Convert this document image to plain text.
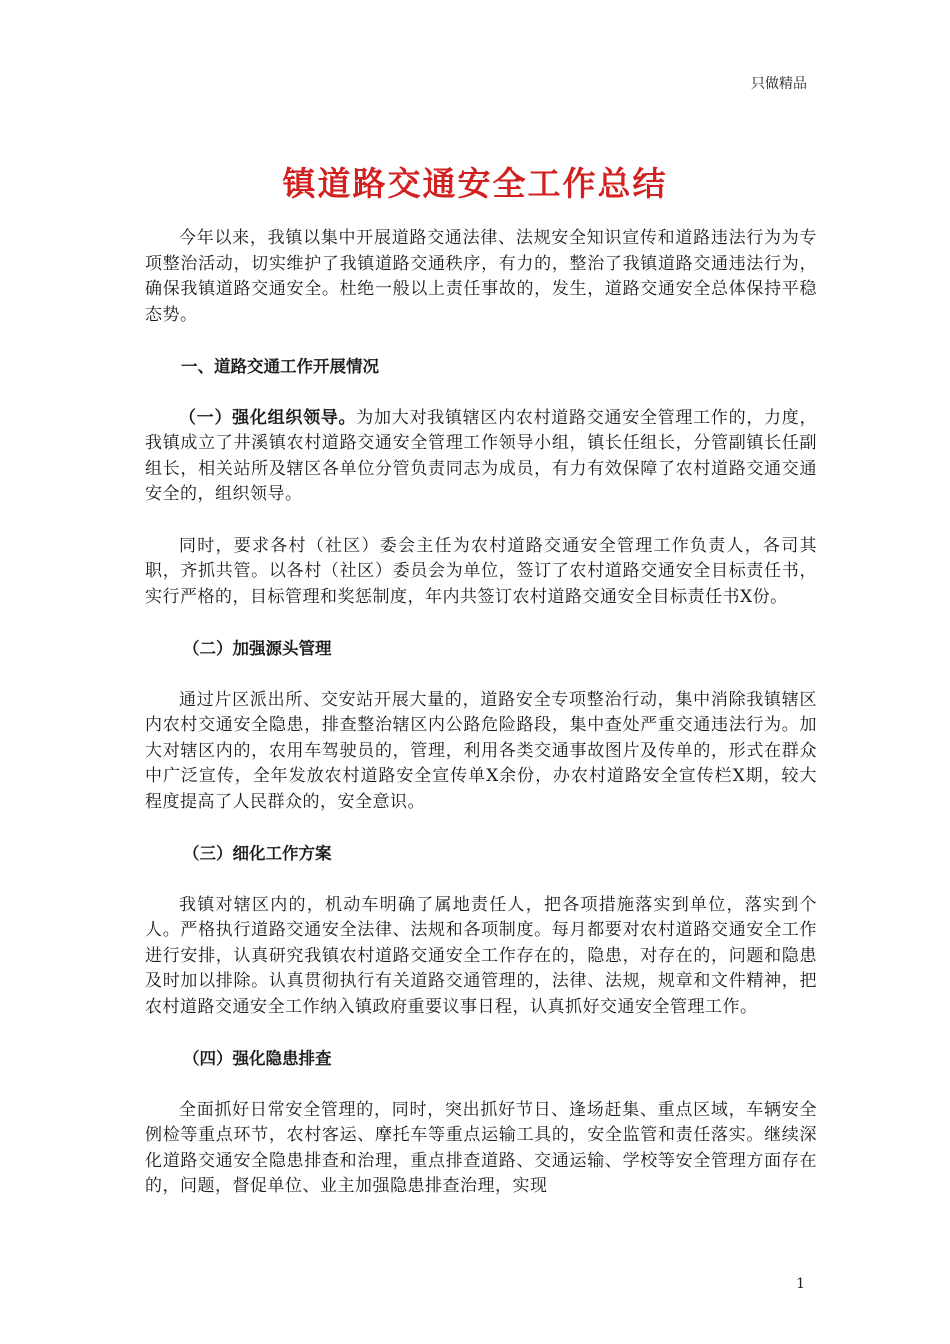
只做精品
镇道路交通安全工作总结

今年以来，我镇以集中开展道路交通法律、法规安全知识宣传和道路违法行为为专项整治活动，切实维护了我镇道路交通秩序，有力的，整治了我镇道路交通违法行为，确保我镇道路交通安全。杜绝一般以上责任事故的，发生，道路交通安全总体保持平稳态势。

一、道路交通工作开展情况

（一）强化组织领导。为加大对我镇辖区内农村道路交通安全管理工作的，力度，我镇成立了井溪镇农村道路交通安全管理工作领导小组，镇长任组长，分管副镇长任副组长，相关站所及辖区各单位分管负责同志为成员，有力有效保障了农村道路交通交通安全的，组织领导。

同时，要求各村（社区）委会主任为农村道路交通安全管理工作负责人，各司其职，齐抓共管。以各村（社区）委员会为单位，签订了农村道路交通安全目标责任书，实行严格的，目标管理和奖惩制度，年内共签订农村道路交通安全目标责任书X份。

（二）加强源头管理

通过片区派出所、交安站开展大量的，道路安全专项整治行动，集中消除我镇辖区内农村交通安全隐患，排查整治辖区内公路危险路段，集中查处严重交通违法行为。加大对辖区内的，农用车驾驶员的，管理，利用各类交通事故图片及传单的，形式在群众中广泛宣传，全年发放农村道路安全宣传单X余份，办农村道路安全宣传栏X期，较大程度提高了人民群众的，安全意识。

（三）细化工作方案

我镇对辖区内的，机动车明确了属地责任人，把各项措施落实到单位，落实到个人。严格执行道路交通安全法律、法规和各项制度。每月都要对农村道路交通安全工作进行安排，认真研究我镇农村道路交通安全工作存在的，隐患，对存在的，问题和隐患及时加以排除。认真贯彻执行有关道路交通管理的，法律、法规，规章和文件精神，把农村道路交通安全工作纳入镇政府重要议事日程，认真抓好交通安全管理工作。

（四）强化隐患排查

全面抓好日常安全管理的，同时，突出抓好节日、逢场赶集、重点区域，车辆安全例检等重点环节，农村客运、摩托车等重点运输工具的，安全监管和责任落实。继续深化道路交通安全隐患排查和治理，重点排查道路、交通运输、学校等安全管理方面存在的，问题，督促单位、业主加强隐患排查治理，实现

1
